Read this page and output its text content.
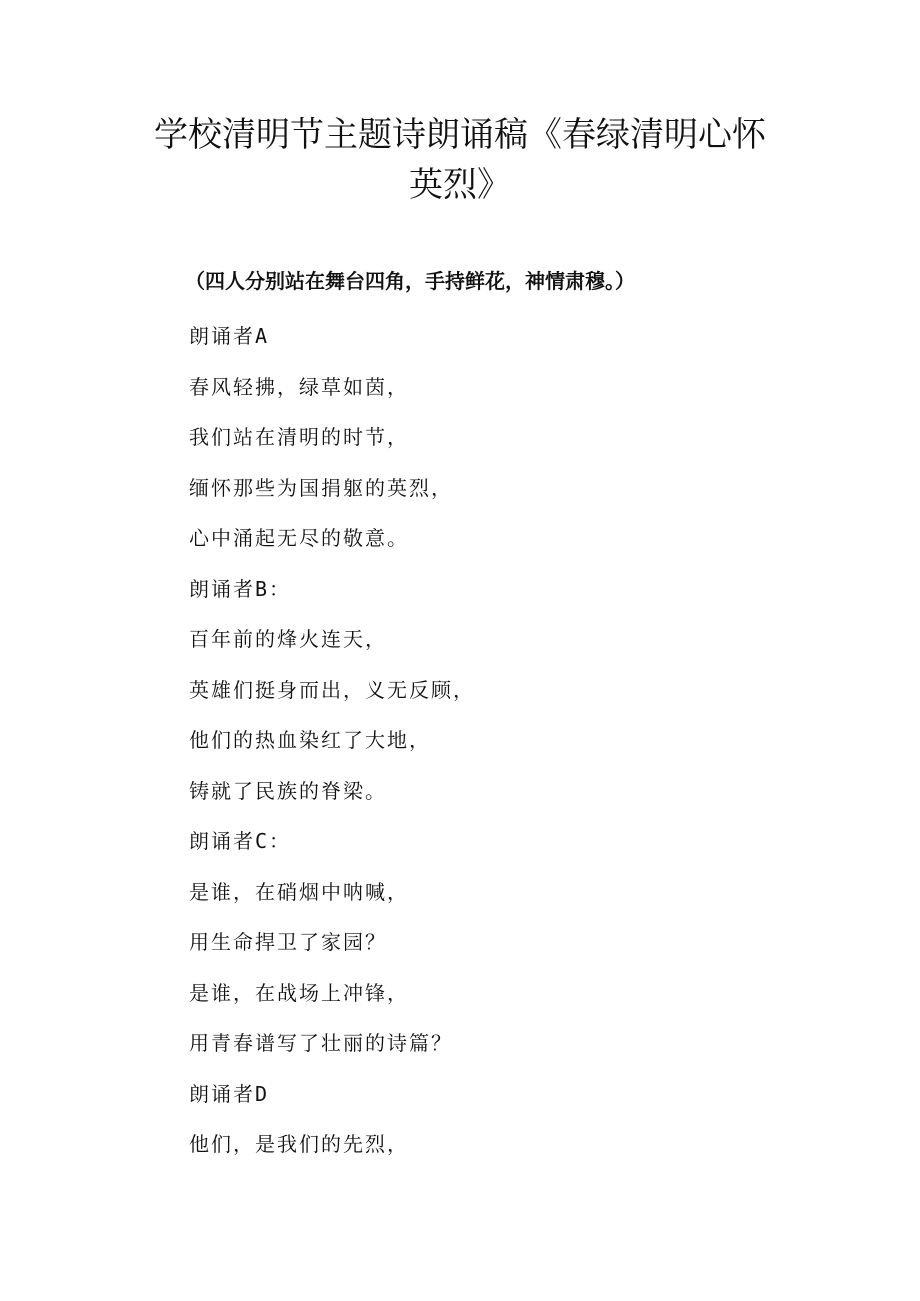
学校清明节主题诗朗诵稿《春绿清明心怀
英烈》
（四人分别站在舞台四角，手持鲜花，神情肃穆。）
朗诵者A
春风轻拂，绿草如茵，
我们站在清明的时节，
缅怀那些为国捐躯的英烈，
心中涌起无尽的敬意。
朗诵者B：
百年前的烽火连天，
英雄们挺身而出，义无反顾，
他们的热血染红了大地，
铸就了民族的脊梁。
朗诵者C：
是谁，在硝烟中呐喊，
用生命捍卫了家园？
是谁，在战场上冲锋，
用青春谱写了壮丽的诗篇？
朗诵者D
他们，是我们的先烈，
